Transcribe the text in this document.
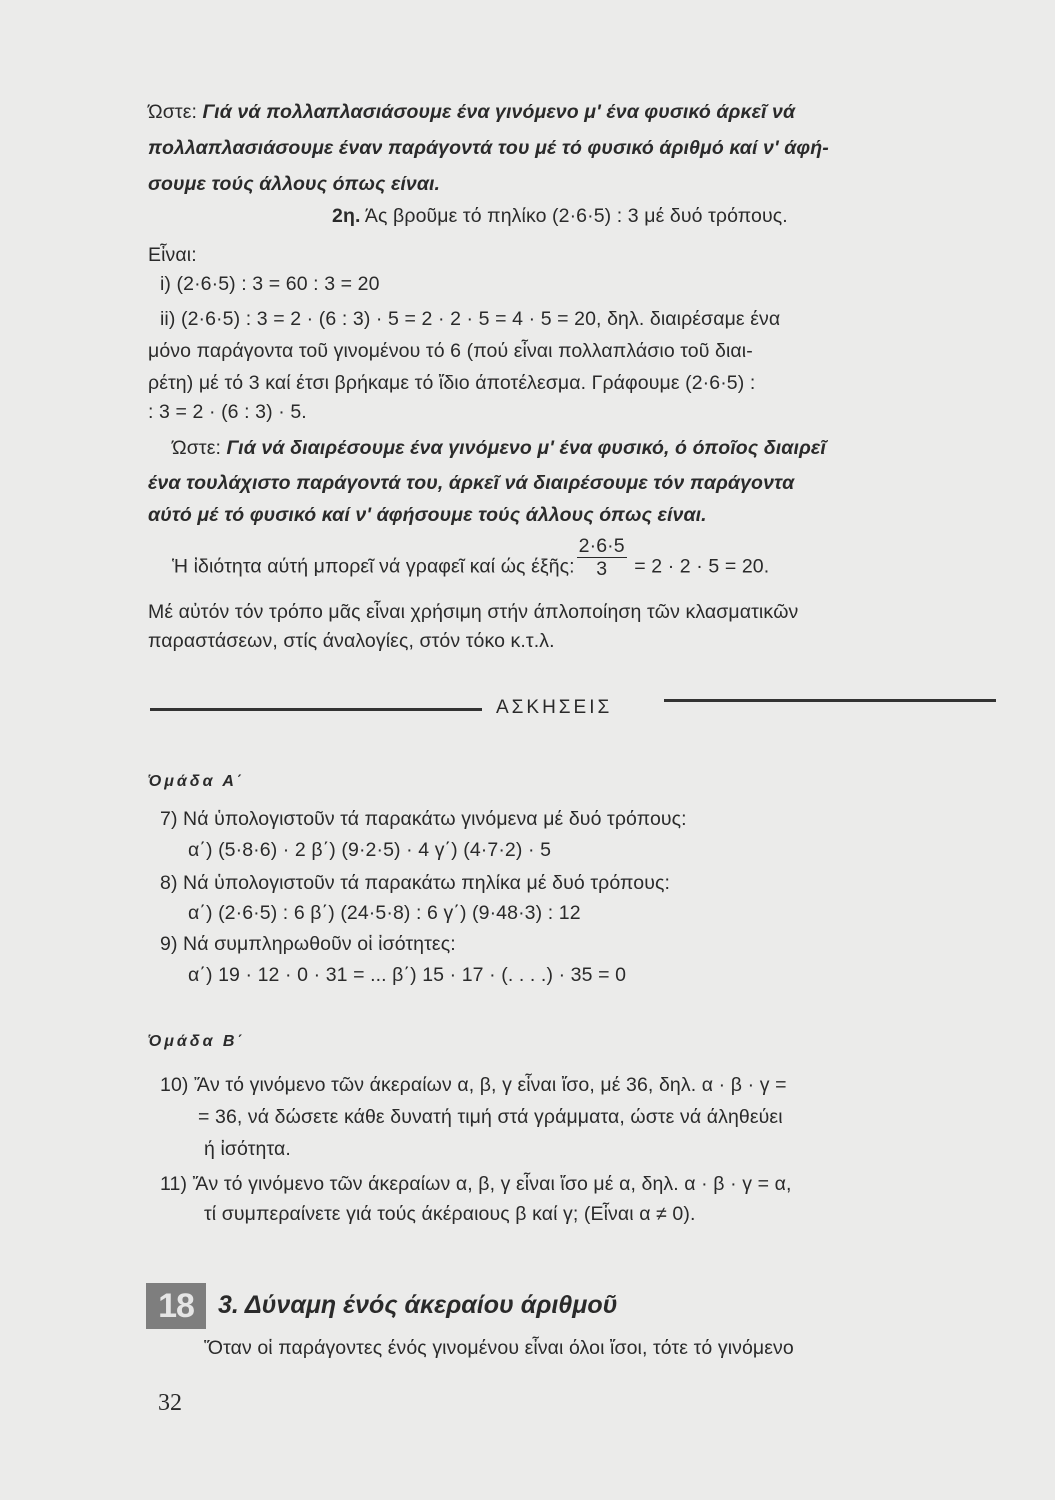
Ώστε: Γιά νά πολλαπλασιάσουμε ένα γινόμενο μ' ένα φυσικό άρκεῖ νά
πολλαπλασιάσουμε έναν παράγοντά του μέ τό φυσικό άριθμό καί ν' άφή-
σουμε τούς άλλους όπως είναι.
2η. Άς βροῦμε τό πηλίκο (2·6·5) : 3 μέ δυό τρόπους.
Εἶναι:
i) (2·6·5) : 3 = 60 : 3 = 20
ii) (2·6·5) : 3 = 2 · (6 : 3) · 5 = 2 · 2 · 5 = 4 · 5 = 20, δηλ. διαιρέσαμε ένα
μόνο παράγοντα τοῦ γινομένου τό 6 (πού εἶναι πολλαπλάσιο τοῦ διαι-
ρέτη) μέ τό 3 καί έτσι βρήκαμε τό ἴδιο άποτέλεσμα. Γράφουμε (2·6·5) :
: 3 = 2 · (6 : 3) · 5.
Ώστε: Γιά νά διαιρέσουμε ένα γινόμενο μ' ένα φυσικό, ό όποῖος διαιρεῖ
ένα τουλάχιστο παράγοντά του, άρκεῖ νά διαιρέσουμε τόν παράγοντα
αύτό μέ τό φυσικό καί ν' άφήσουμε τούς άλλους όπως είναι.
Ἡ ἰδιότητα αύτή μπορεῖ νά γραφεῖ καί ώς έξῆς: $\frac{2\cdot 6\cdot 5}{3} = 2 \cdot 2 \cdot 5 = 20$.
Μέ αὐτόν τόν τρόπο μᾶς εἶναι χρήσιμη στήν άπλοποίηση τῶν κλασματικῶν
παραστάσεων, στίς άναλογίες, στόν τόκο κ.τ.λ.
ΑΣΚΗΣΕΙΣ
Ὁμάδα Α΄
7) Νά ὑπολογιστοῦν τά παρακάτω γινόμενα μέ δυό τρόπους:
α΄) (5·8·6) · 2 β΄) (9·2·5) · 4 γ΄) (4·7·2) · 5
8) Νά ὑπολογιστοῦν τά παρακάτω πηλίκα μέ δυό τρόπους:
α΄) (2·6·5) : 6 β΄) (24·5·8) : 6 γ΄) (9·48·3) : 12
9) Νά συμπληρωθοῦν οἱ ἰσότητες:
α΄) 19 · 12 · 0 · 31 = ... β΄) 15 · 17 · (. . . .) · 35 = 0
Ὁμάδα Β΄
10) Ἄν τό γινόμενο τῶν άκεραίων α, β, γ εἶναι ἴσο, μέ 36, δηλ. α · β · γ =
= 36, νά δώσετε κάθε δυνατή τιμή στά γράμματα, ώστε νά άληθεύει
ή ἰσότητα.
11) Ἄν τό γινόμενο τῶν άκεραίων α, β, γ εἶναι ἴσο μέ α, δηλ. α · β · γ = α,
τί συμπεραίνετε γιά τούς άκέραιους β καί γ; (Εἶναι α ≠ 0).
18 3. Δύναμη ένός άκεραίου άριθμοῦ
Ὅταν οἱ παράγοντες ένός γινομένου εἶναι όλοι ἴσοι, τότε τό γινόμενο
32
